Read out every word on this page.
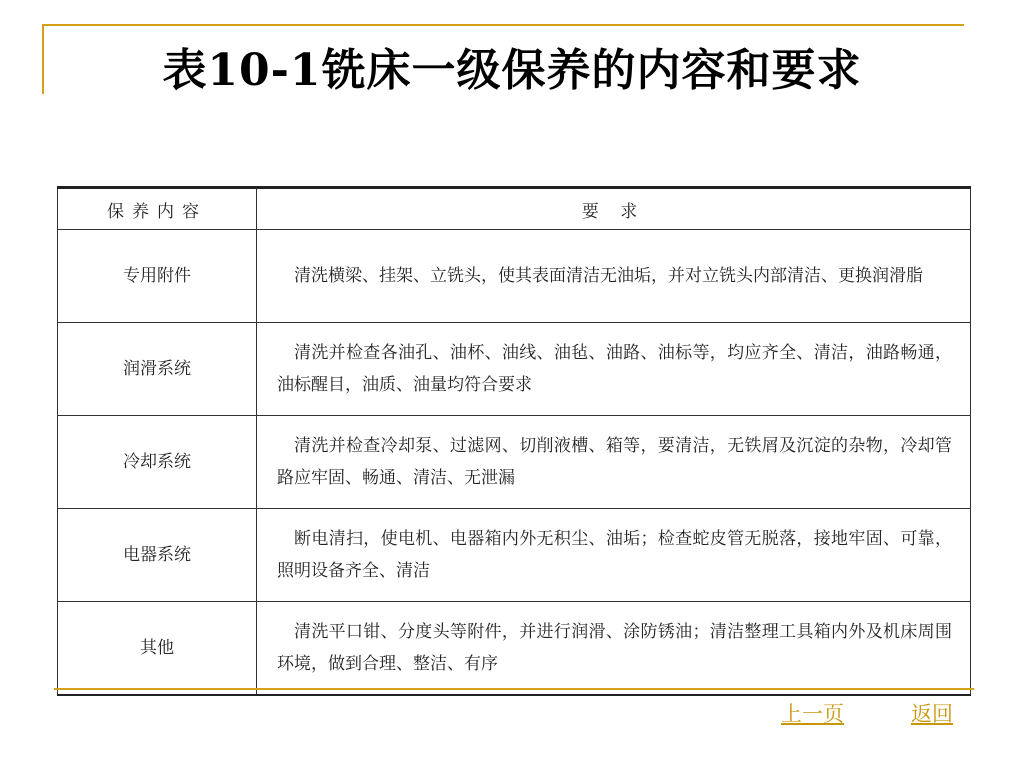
表10-1铣床一级保养的内容和要求
保养内容	要 求
专用附件	清洗横梁、挂架、立铣头，使其表面清洁无油垢，并对立铣头内部清洁、更换润滑脂
润滑系统	清洗并检查各油孔、油杯、油线、油毡、油路、油标等，均应齐全、清洁，油路畅通，油标醒目，油质、油量均符合要求
冷却系统	清洗并检查冷却泵、过滤网、切削液槽、箱等，要清洁，无铁屑及沉淀的杂物，冷却管路应牢固、畅通、清洁、无泄漏
电器系统	断电清扫，使电机、电器箱内外无积尘、油垢；检查蛇皮管无脱落，接地牢固、可靠，照明设备齐全、清洁
其他	清洗平口钳、分度头等附件，并进行润滑、涂防锈油；清洁整理工具箱内外及机床周围环境，做到合理、整洁、有序
上一页	返回
